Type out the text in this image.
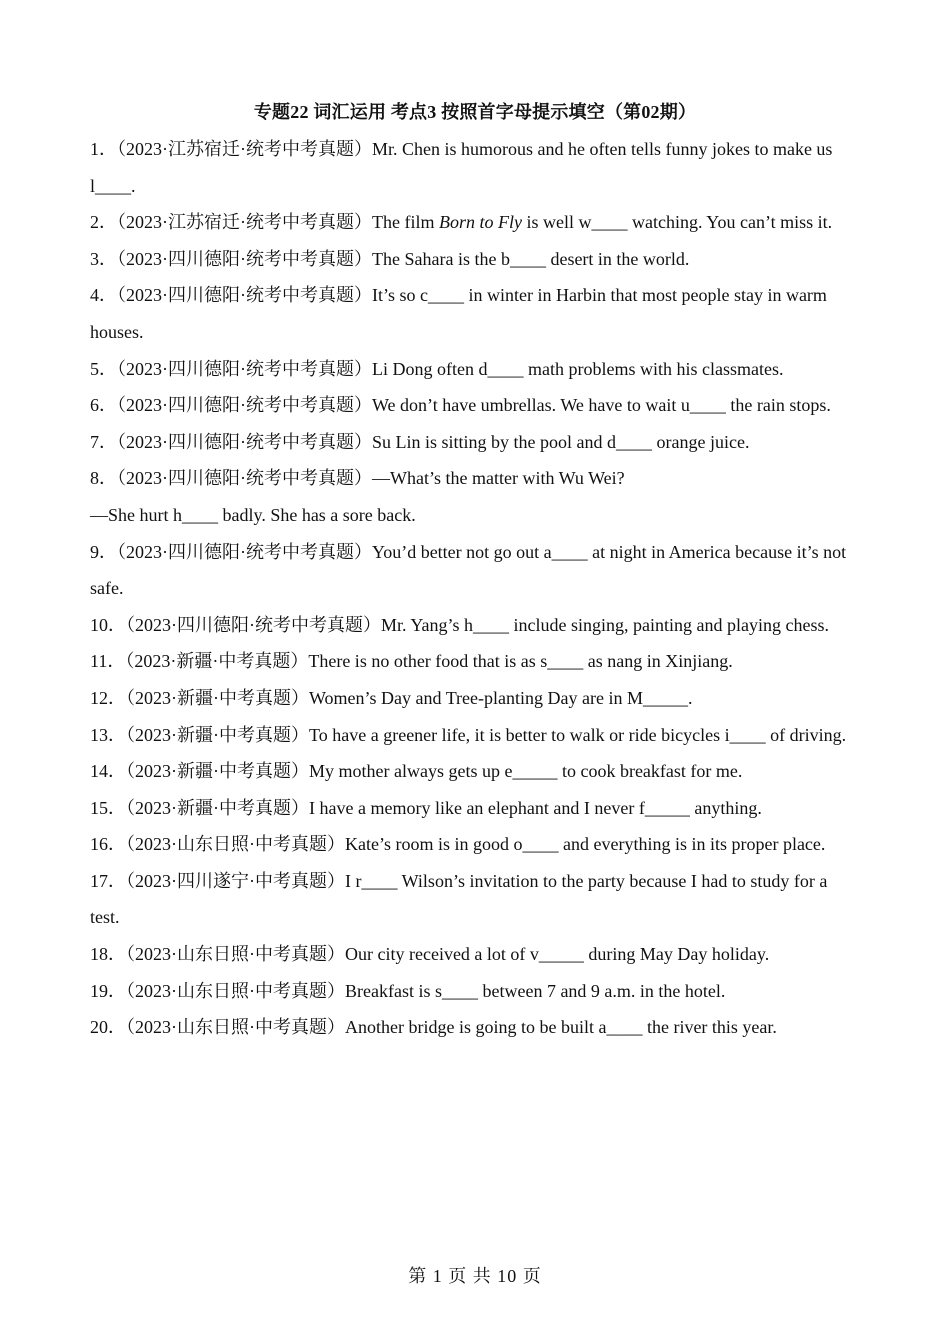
专题22 词汇运用 考点3 按照首字母提示填空（第02期）
1．（2023·江苏宿迁·统考中考真题）Mr. Chen is humorous and he often tells funny jokes to make us l____.
2．（2023·江苏宿迁·统考中考真题）The film Born to Fly is well w____ watching. You can’t miss it.
3．（2023·四川德阳·统考中考真题）The Sahara is the b____ desert in the world.
4．（2023·四川德阳·统考中考真题）It’s so c____ in winter in Harbin that most people stay in warm houses.
5．（2023·四川德阳·统考中考真题）Li Dong often d____ math problems with his classmates.
6．（2023·四川德阳·统考中考真题）We don’t have umbrellas. We have to wait u____ the rain stops.
7．（2023·四川德阳·统考中考真题）Su Lin is sitting by the pool and d____ orange juice.
8．（2023·四川德阳·统考中考真题）—What’s the matter with Wu Wei?
—She hurt h____ badly. She has a sore back.
9．（2023·四川德阳·统考中考真题）You’d better not go out a____ at night in America because it’s not safe.
10．（2023·四川德阳·统考中考真题）Mr. Yang’s h____ include singing, painting and playing chess.
11．（2023·新疆·中考真题）There is no other food that is as s____ as nang in Xinjiang.
12．（2023·新疆·中考真题）Women’s Day and Tree-planting Day are in M_____.
13．（2023·新疆·中考真题）To have a greener life, it is better to walk or ride bicycles i____ of driving.
14．（2023·新疆·中考真题）My mother always gets up e_____ to cook breakfast for me.
15．（2023·新疆·中考真题）I have a memory like an elephant and I never f_____ anything.
16．（2023·山东日照·中考真题）Kate’s room is in good o____ and everything is in its proper place.
17．（2023·四川遂宁·中考真题）I r____ Wilson’s invitation to the party because I had to study for a test.
18．（2023·山东日照·中考真题）Our city received a lot of v_____ during May Day holiday.
19．（2023·山东日照·中考真题）Breakfast is s____ between 7 and 9 a.m. in the hotel.
20．（2023·山东日照·中考真题）Another bridge is going to be built a____ the river this year.
第 1 页 共 10 页
